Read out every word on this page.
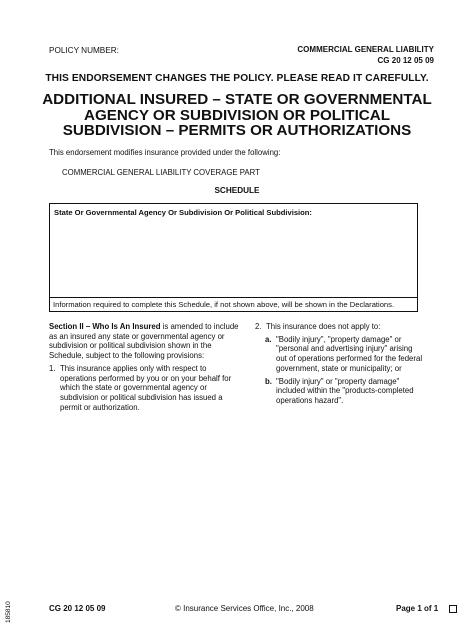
POLICY NUMBER:	COMMERCIAL GENERAL LIABILITY
CG 20 12 05 09
THIS ENDORSEMENT CHANGES THE POLICY. PLEASE READ IT CAREFULLY.
ADDITIONAL INSURED – STATE OR GOVERNMENTAL AGENCY OR SUBDIVISION OR POLITICAL SUBDIVISION – PERMITS OR AUTHORIZATIONS
This endorsement modifies insurance provided under the following:
COMMERCIAL GENERAL LIABILITY COVERAGE PART
SCHEDULE
State Or Governmental Agency Or Subdivision Or Political Subdivision:
Information required to complete this Schedule, if not shown above, will be shown in the Declarations.

Section II – Who Is An Insured is amended to include as an insured any state or governmental agency or subdivision or political subdivision shown in the Schedule, subject to the following provisions:

1. This insurance applies only with respect to operations performed by you or on your behalf for which the state or governmental agency or subdivision or political subdivision has issued a permit or authorization.
2. This insurance does not apply to:
a. "Bodily injury", "property damage" or "personal and advertising injury" arising out of operations performed for the federal government, state or municipality; or
b. "Bodily injury" or "property damage" included within the "products-completed operations hazard".
185810	CG 20 12 05 09	© Insurance Services Office, Inc., 2008	Page 1 of 1
